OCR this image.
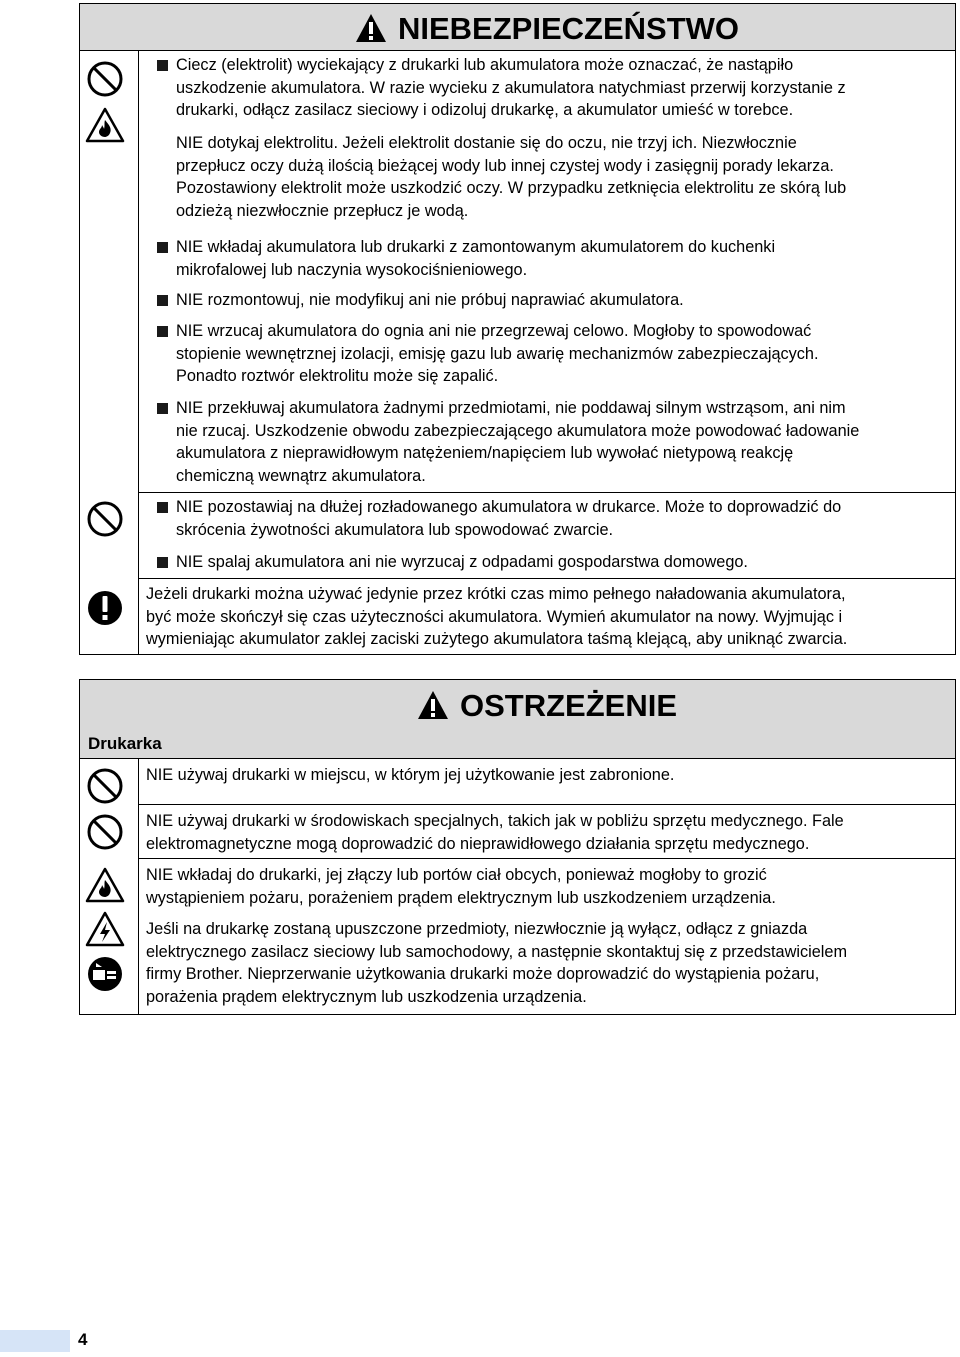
NIEBEZPIECZEŃSTWO
Ciecz (elektrolit) wyciekający z drukarki lub akumulatora może oznaczać, że nastąpiło
uszkodzenie akumulatora. W razie wycieku z akumulatora natychmiast przerwij korzystanie z
drukarki, odłącz zasilacz sieciowy i odizoluj drukarkę, a akumulator umieść w torebce.
NIE dotykaj elektrolitu. Jeżeli elektrolit dostanie się do oczu, nie trzyj ich. Niezwłocznie
przepłucz oczy dużą ilością bieżącej wody lub innej czystej wody i zasięgnij porady lekarza.
Pozostawiony elektrolit może uszkodzić oczy. W przypadku zetknięcia elektrolitu ze skórą lub
odzieżą niezwłocznie przepłucz je wodą.
NIE wkładaj akumulatora lub drukarki z zamontowanym akumulatorem do kuchenki
mikrofalowej lub naczynia wysokociśnieniowego.
NIE rozmontowuj, nie modyfikuj ani nie próbuj naprawiać akumulatora.
NIE wrzucaj akumulatora do ognia ani nie przegrzewaj celowo. Mogłoby to spowodować
stopienie wewnętrznej izolacji, emisję gazu lub awarię mechanizmów zabezpieczających.
Ponadto roztwór elektrolitu może się zapalić.
NIE przekłuwaj akumulatora żadnymi przedmiotami, nie poddawaj silnym wstrząsom, ani nim
nie rzucaj. Uszkodzenie obwodu zabezpieczającego akumulatora może powodować ładowanie
akumulatora z nieprawidłowym natężeniem/napięciem lub wywołać nietypową reakcję
chemiczną wewnątrz akumulatora.
NIE pozostawiaj na dłużej rozładowanego akumulatora w drukarce. Może to doprowadzić do
skrócenia żywotności akumulatora lub spowodować zwarcie.
NIE spalaj akumulatora ani nie wyrzucaj z odpadami gospodarstwa domowego.
Jeżeli drukarki można używać jedynie przez krótki czas mimo pełnego naładowania akumulatora,
być może skończył się czas użyteczności akumulatora. Wymień akumulator na nowy. Wyjmując i
wymieniając akumulator zaklej zaciski zużytego akumulatora taśmą klejącą, aby uniknąć zwarcia.
OSTRZEŻENIE
Drukarka
NIE używaj drukarki w miejscu, w którym jej użytkowanie jest zabronione.
NIE używaj drukarki w środowiskach specjalnych, takich jak w pobliżu sprzętu medycznego. Fale
elektromagnetyczne mogą doprowadzić do nieprawidłowego działania sprzętu medycznego.
NIE wkładaj do drukarki, jej złączy lub portów ciał obcych, ponieważ mogłoby to grozić
wystąpieniem pożaru, porażeniem prądem elektrycznym lub uszkodzeniem urządzenia.
Jeśli na drukarkę zostaną upuszczone przedmioty, niezwłocznie ją wyłącz, odłącz z gniazda
elektrycznego zasilacz sieciowy lub samochodowy, a następnie skontaktuj się z przedstawicielem
firmy Brother. Nieprzerwanie użytkowania drukarki może doprowadzić do wystąpienia pożaru,
porażenia prądem elektrycznym lub uszkodzenia urządzenia.
4
